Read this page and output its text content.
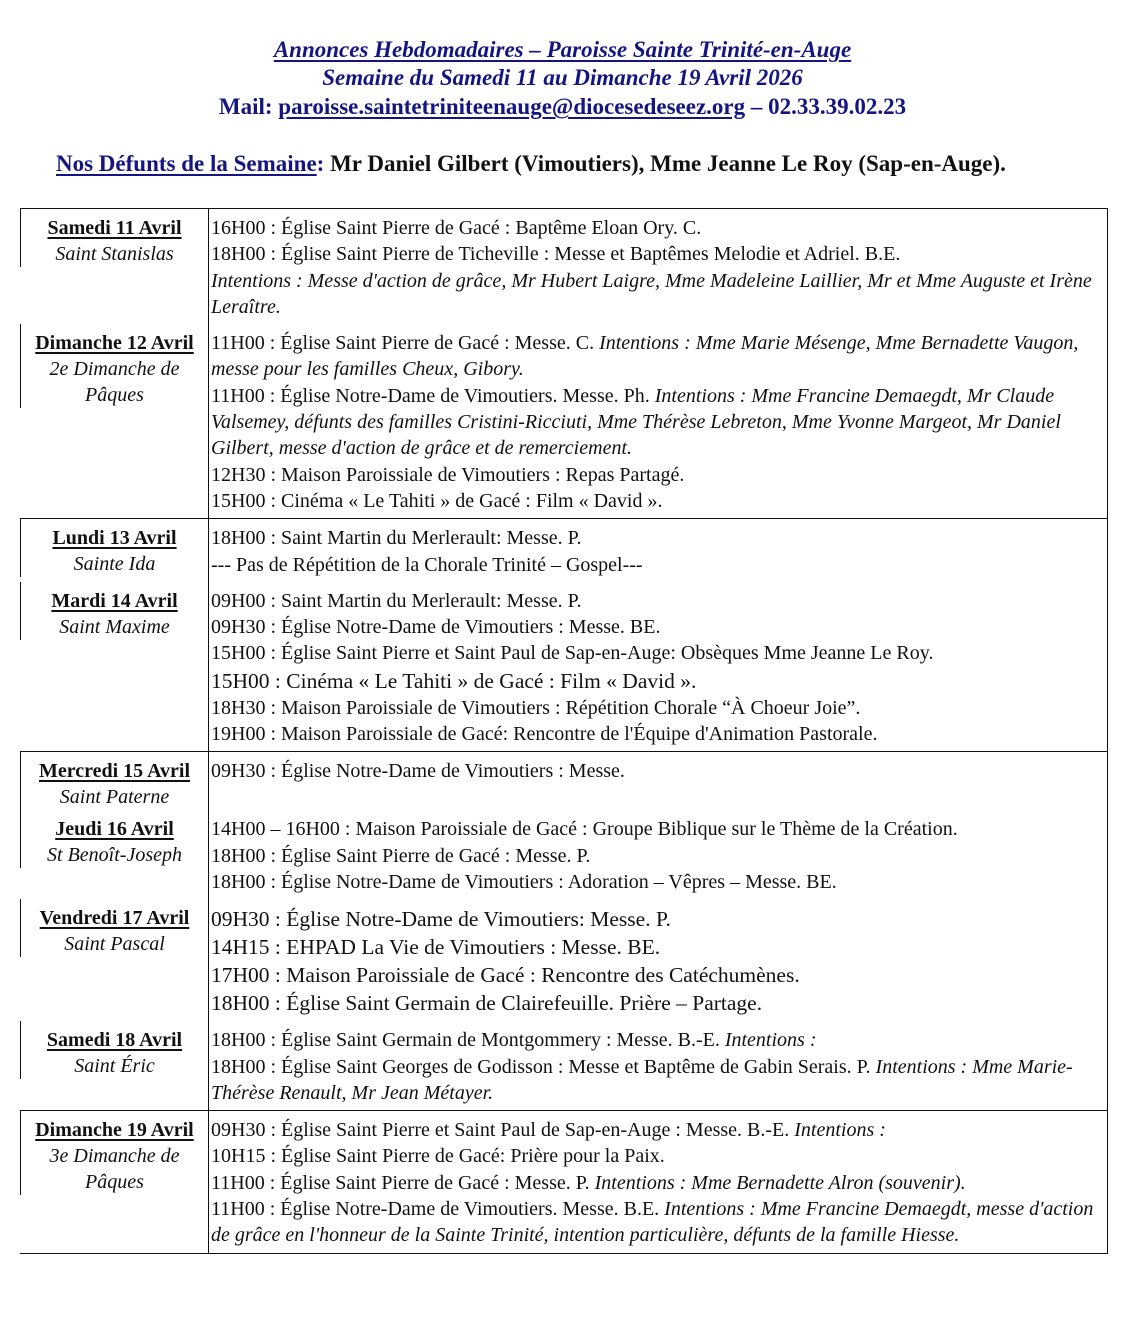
Annonces Hebdomadaires – Paroisse Sainte Trinité-en-Auge
Semaine du Samedi 11 au Dimanche 19 Avril 2026
Mail: paroisse.saintetriniteenauge@diocesedeseez.org – 02.33.39.02.23
Nos Défunts de la Semaine: Mr Daniel Gilbert (Vimoutiers), Mme Jeanne Le Roy (Sap-en-Auge).
Samedi 11 Avril
Saint Stanislas
16H00 : Église Saint Pierre de Gacé : Baptême Eloan Ory. C.
18H00 : Église Saint Pierre de Ticheville : Messe et Baptêmes Melodie et Adriel. B.E.
Intentions : Messe d'action de grâce, Mr Hubert Laigre, Mme Madeleine Laillier, Mr et Mme Auguste et Irène Leraître.
Dimanche 12 Avril
2e Dimanche de Pâques
11H00 : Église Saint Pierre de Gacé : Messe. C. Intentions : Mme Marie Mésenge, Mme Bernadette Vaugon, messe pour les familles Cheux, Gibory.
11H00 : Église Notre-Dame de Vimoutiers. Messe. Ph. Intentions : Mme Francine Demaegdt, Mr Claude Valsemey, défunts des familles Cristini-Ricciuti, Mme Thérèse Lebreton, Mme Yvonne Margeot, Mr Daniel Gilbert, messe d'action de grâce et de remerciement.
12H30 : Maison Paroissiale de Vimoutiers : Repas Partagé.
15H00 : Cinéma « Le Tahiti » de Gacé : Film « David ».
Lundi 13 Avril
Sainte Ida
18H00 : Saint Martin du Merlerault: Messe. P.
--- Pas de Répétition de la Chorale Trinité – Gospel---
Mardi 14 Avril
Saint Maxime
09H00 : Saint Martin du Merlerault: Messe. P.
09H30 : Église Notre-Dame de Vimoutiers : Messe. BE.
15H00 : Église Saint Pierre et Saint Paul de Sap-en-Auge: Obsèques Mme Jeanne Le Roy.
15H00 : Cinéma « Le Tahiti » de Gacé : Film « David ».
18H30 : Maison Paroissiale de Vimoutiers : Répétition Chorale “À Choeur Joie”.
19H00 : Maison Paroissiale de Gacé: Rencontre de l'Équipe d'Animation Pastorale.
Mercredi 15 Avril
Saint Paterne
09H30 : Église Notre-Dame de Vimoutiers : Messe.
Jeudi 16 Avril
St Benoît-Joseph
14H00 – 16H00 : Maison Paroissiale de Gacé : Groupe Biblique sur le Thème de la Création.
18H00 : Église Saint Pierre de Gacé : Messe. P.
18H00 : Église Notre-Dame de Vimoutiers : Adoration – Vêpres – Messe. BE.
Vendredi 17 Avril
Saint Pascal
09H30 : Église Notre-Dame de Vimoutiers: Messe. P.
14H15 : EHPAD La Vie de Vimoutiers : Messe. BE.
17H00 : Maison Paroissiale de Gacé : Rencontre des Catéchumènes.
18H00 : Église Saint Germain de Clairefeuille. Prière – Partage.
Samedi 18 Avril
Saint Éric
18H00 : Église Saint Germain de Montgommery : Messe. B.-E. Intentions :
18H00 : Église Saint Georges de Godisson : Messe et Baptême de Gabin Serais. P. Intentions : Mme Marie-Thérèse Renault, Mr Jean Métayer.
Dimanche 19 Avril
3e Dimanche de Pâques
09H30 : Église Saint Pierre et Saint Paul de Sap-en-Auge : Messe. B.-E. Intentions :
10H15 : Église Saint Pierre de Gacé: Prière pour la Paix.
11H00 : Église Saint Pierre de Gacé : Messe. P. Intentions : Mme Bernadette Alron (souvenir).
11H00 : Église Notre-Dame de Vimoutiers. Messe. B.E. Intentions : Mme Francine Demaegdt, messe d'action de grâce en l'honneur de la Sainte Trinité, intention particulière, défunts de la famille Hiesse.
